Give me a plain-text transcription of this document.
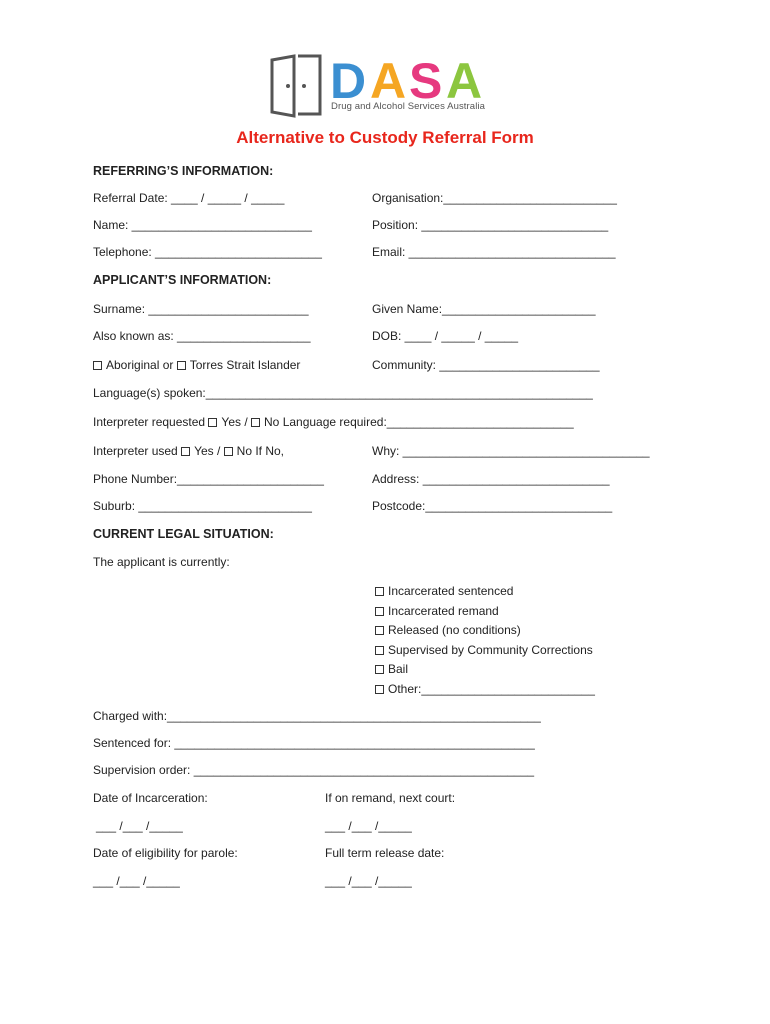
D A S A
Drug and Alcohol Services Australia
Alternative to Custody Referral Form
REFERRING’S INFORMATION:
Referral Date: ____ / _____ / _____	Organisation:__________________________
Name: ___________________________	Position: ____________________________
Telephone: _________________________	Email: _______________________________
APPLICANT’S INFORMATION:
Surname: ________________________	Given Name:_______________________
Also known as: ____________________	DOB: ____ / _____ / _____
Aboriginal or Torres Strait Islander	Community: ________________________
Language(s) spoken:__________________________________________________________
Interpreter requested Yes / No Language required:____________________________
Interpreter used Yes / No If No,	Why: _____________________________________
Phone Number:______________________	Address: ____________________________
Suburb: __________________________	Postcode:____________________________
CURRENT LEGAL SITUATION:
The applicant is currently:
Incarcerated sentenced
Incarcerated remand
Released (no conditions)
Supervised by Community Corrections
Bail
Other:__________________________
Charged with:________________________________________________________
Sentenced for: ______________________________________________________
Supervision order: ___________________________________________________
Date of Incarceration:	If on remand, next court:
___ /___ /_____	___ /___ /_____
Date of eligibility for parole:	Full term release date:
___ /___ /_____	___ /___ /_____
